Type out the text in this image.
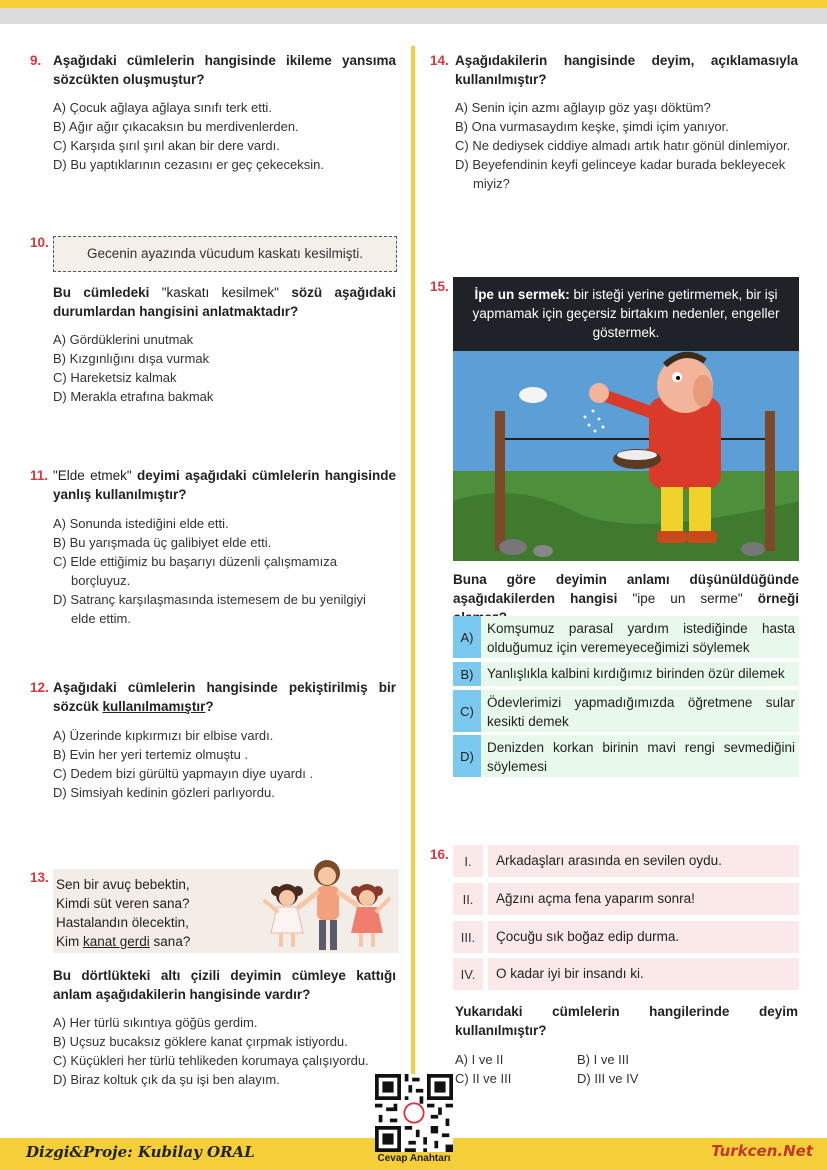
9. Aşağıdaki cümlelerin hangisinde ikileme yansıma sözcükten oluşmuştur?
A) Çocuk ağlaya ağlaya sınıfı terk etti.
B) Ağır ağır çıkacaksın bu merdivenlerden.
C) Karşıda şırıl şırıl akan bir dere vardı.
D) Bu yaptıklarının cezasını er geç çekeceksin.
10.
Gecenin ayazında vücudum kaskatı kesilmişti.
Bu cümledeki "kaskatı kesilmek" sözü aşağıdaki durumlardan hangisini anlatmaktadır?
A) Gördüklerini unutmak
B) Kızgınlığını dışa vurmak
C) Hareketsiz kalmak
D) Merakla etrafına bakmak
11. "Elde etmek" deyimi aşağıdaki cümlelerin hangisinde yanlış kullanılmıştır?
A) Sonunda istediğini elde etti.
B) Bu yarışmada üç galibiyet elde etti.
C) Elde ettiğimiz bu başarıyı düzenli çalışmamıza borçluyuz.
D) Satranç karşılaşmasında istemesem de bu yenilgiyi elde ettim.
12. Aşağıdaki cümlelerin hangisinde pekiştirilmiş bir sözcük kullanılmamıştır?
A) Üzerinde kıpkırmızı bir elbise vardı.
B) Evin her yeri tertemiz olmuştu .
C) Dedem bizi gürültü yapmayın diye uyardı .
D) Simsiyah kedinin gözleri parlıyordu.
13. Sen bir avuç bebektin,
Kimdi süt veren sana?
Hastalandın ölecektin,
Kim kanat gerdi sana?
Bu dörtlükteki altı çizili deyimin cümleye kattığı anlam aşağıdakilerin hangisinde vardır?
A) Her türlü sıkıntıya göğüs gerdim.
B) Uçsuz bucaksız göklere kanat çırpmak istiyordu.
C) Küçükleri her türlü tehlikeden korumaya çalışıyordu.
D) Biraz koltuk çık da şu işi ben alayım.
14. Aşağıdakilerin hangisinde deyim, açıklamasıyla kullanılmıştır?
A) Senin için azmı ağlayıp göz yaşı döktüm?
B) Ona vurmasaydım keşke, şimdi içim yanıyor.
C) Ne dediysek ciddiye almadı artık hatır gönül dinlemiyor.
D) Beyefendinin keyfi gelinceye kadar burada bekleyecek miyiz?
15.
İpe un sermek: bir isteği yerine getirmemek, bir işi yapmamak için geçersiz birtakım nedenler, engeller göstermek.
Buna göre deyimin anlamı düşünüldüğünde aşağıdakilerden hangisi "ipe un serme" örneği
A)
Komşumuz parasal yardım istediğinde hasta olduğumuz için veremeyeceğimizi söylemek
B)	Yanlışlıkla kalbini kırdığımız birinden özür dilemek
C)
Ödevlerimizi yapmadığımızda öğretmene sular kesikti demek
D)
Denizden korkan birinin mavi rengi sevmediğini söylemesi
16.	I.	Arkadaşları arasında en sevilen oydu.
II.	Ağzını açma fena yaparım sonra!
III.	Çocuğu sık boğaz edip durma.
IV.	O kadar iyi bir insandı ki.
Yukarıdaki cümlelerin hangilerinde deyim kullanılmıştır?
A) I ve II	B) I ve III
C) II ve III	D) III ve IV
Dizgi&Proje: Kubilay ORAL	Turkcen.Net
Cevap Anahtarı
